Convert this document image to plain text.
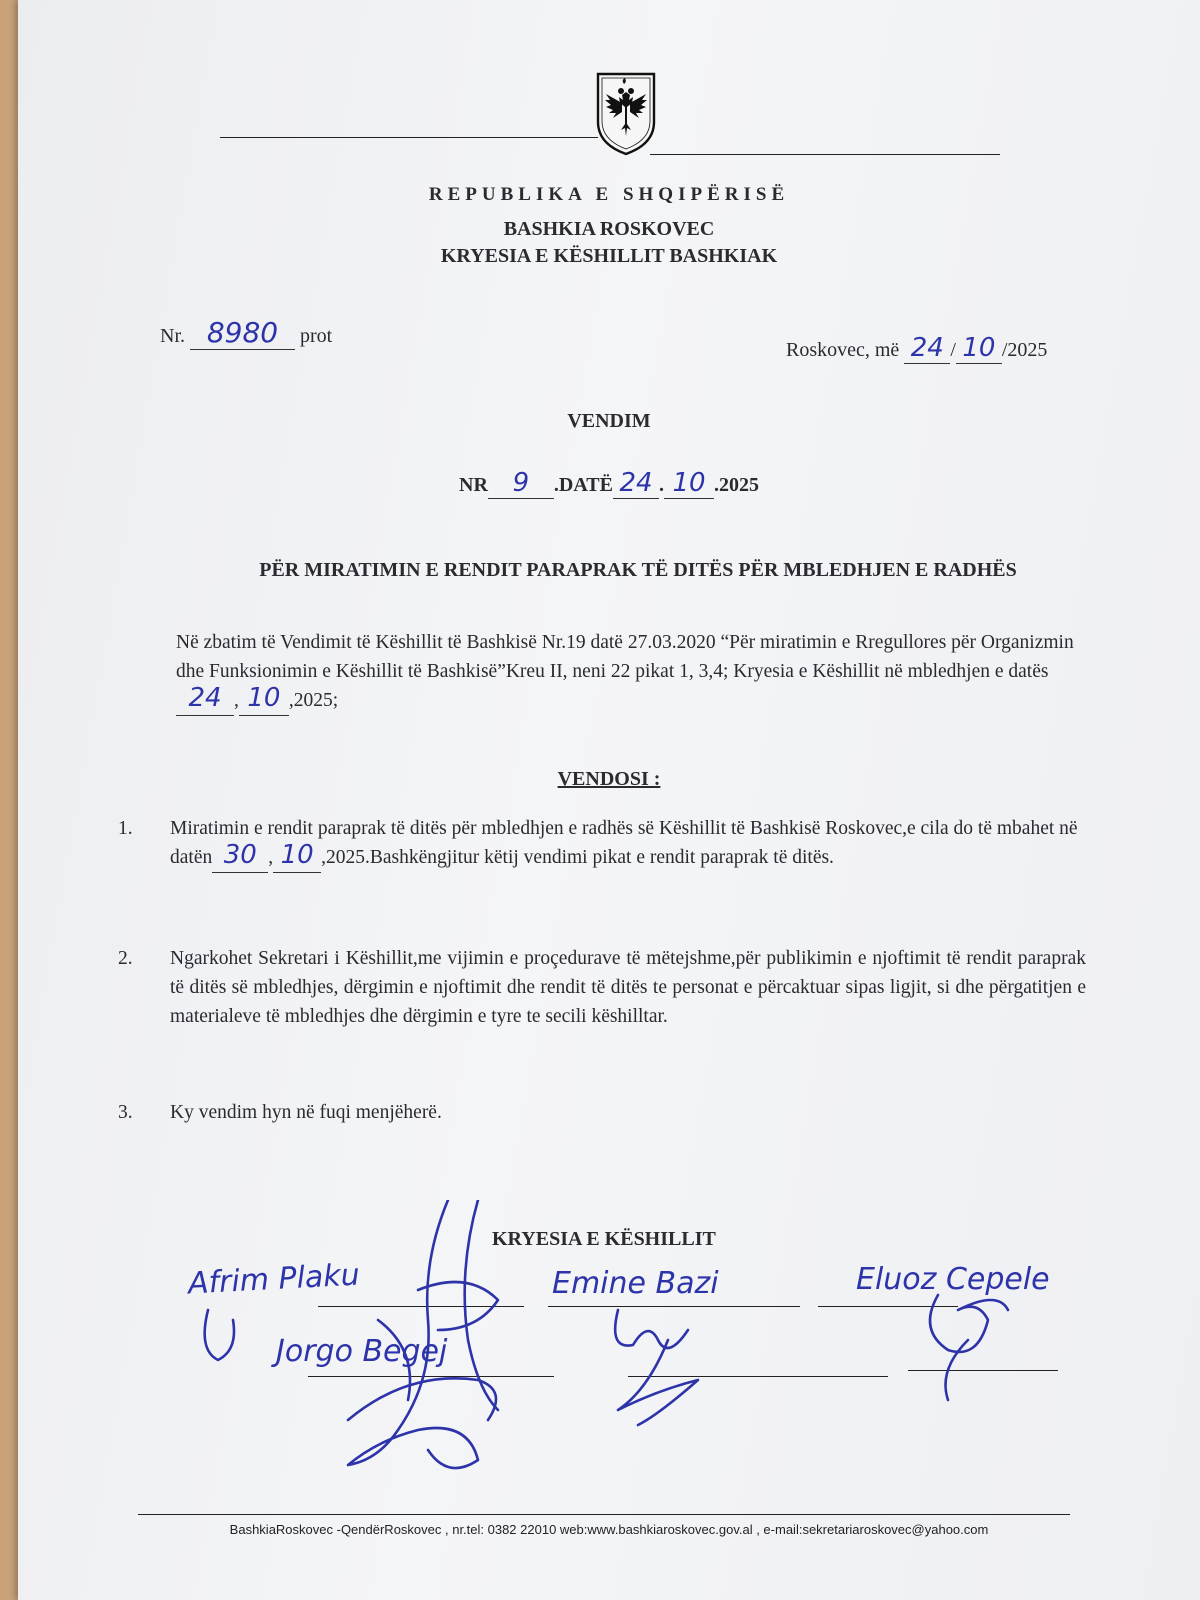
REPUBLIKA E SHQIPËRISË
BASHKIA ROSKOVEC
KRYESIA E KËSHILLIT BASHKIAK
Nr. 8980 prot
Roskovec, më 24 / 10 /2025
VENDIM
NR 9 .DATË 24 . 10 .2025
PËR MIRATIMIN E RENDIT PARAPRAK TË DITËS PËR MBLEDHJEN E RADHËS
Në zbatim të Vendimit të Këshillit të Bashkisë Nr.19 datë 27.03.2020 “Për miratimin e Rregullores për Organizmin dhe Funksionimin e Këshillit të Bashkisë”Kreu II, neni 22 pikat 1, 3,4; Kryesia e Këshillit në mbledhjen e datës24 , 10 ,2025;
VENDOSI :
1.	Miratimin e rendit paraprak të ditës për mbledhjen e radhës së Këshillit të Bashkisë Roskovec,e cila do të mbahet në datën 30 , 10 ,2025.Bashkëngjitur këtij vendimi pikat e rendit paraprak të ditës.
2.	Ngarkohet Sekretari i Këshillit,me vijimin e proçedurave të mëtejshme,për publikimin e njoftimit të rendit paraprak të ditës së mbledhjes, dërgimin e njoftimit dhe rendit të ditës te personat e përcaktuar sipas ligjit, si dhe përgatitjen e materialeve të mbledhjes dhe dërgimin e tyre te secili këshilltar.
3.	Ky vendim hyn në fuqi menjëherë.
KRYESIA E KËSHILLIT
Afrim Plaku	Emine Bazi	Eluoz Cepele
Jorgo Begej
BashkiaRoskovec -QendërRoskovec , nr.tel: 0382 22010 web:www.bashkiaroskovec.gov.al , e-mail:sekretariaroskovec@yahoo.com
